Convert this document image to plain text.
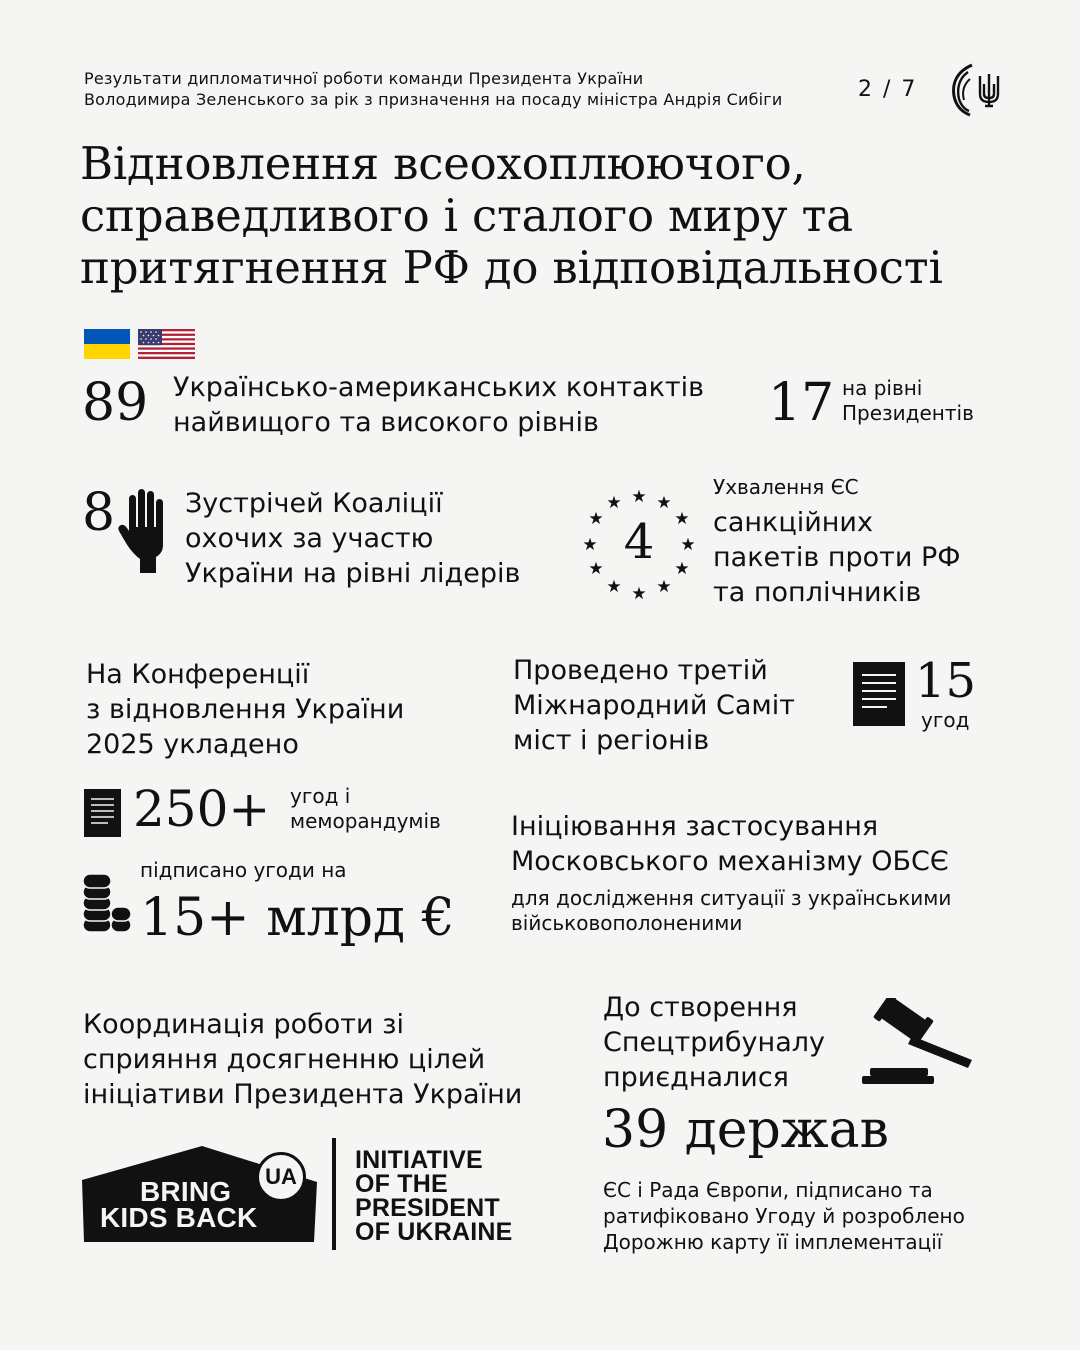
Результати дипломатичної роботи команди Президента України
Володимира Зеленського за рік з призначення на посаду міністра Андрія Сибіги	2 / 7
Відновлення всеохоплюючого,
справедливого і сталого миру та
притягнення РФ до відповідальності
89 Українсько-американських контактів
найвищого та високого рівнів	17 на рівні
Президентів
8	Зустрічей Коаліції
охочих за участю
України на рівні лідерів
★ ★
★
★
★
★
★
★
★
★
★
★
4
Ухвалення ЄС
санкційних
пакетів проти РФ
та поплічників
На Конференції
з відновлення України
2025 укладено
250+ угод і
меморандумів
підписано угоди на
15+ млрд €
Проведено третій
Міжнародний Саміт
міст і регіонів
15
угод
Ініціювання застосування
Московського механізму ОБСЄ
для дослідження ситуації з українськими
військовополоненими
Координація роботи зі
сприяння досягненню цілей
ініціативи Президента України
UA
BRING
KIDS BACK
INITIATIVE
OF THE
PRESIDENT
OF UKRAINE
До створення
Спецтрибуналу
приєдналися
39 держав
ЄС і Рада Європи, підписано та
ратифіковано Угоду й розроблено
Дорожню карту її імплементації
